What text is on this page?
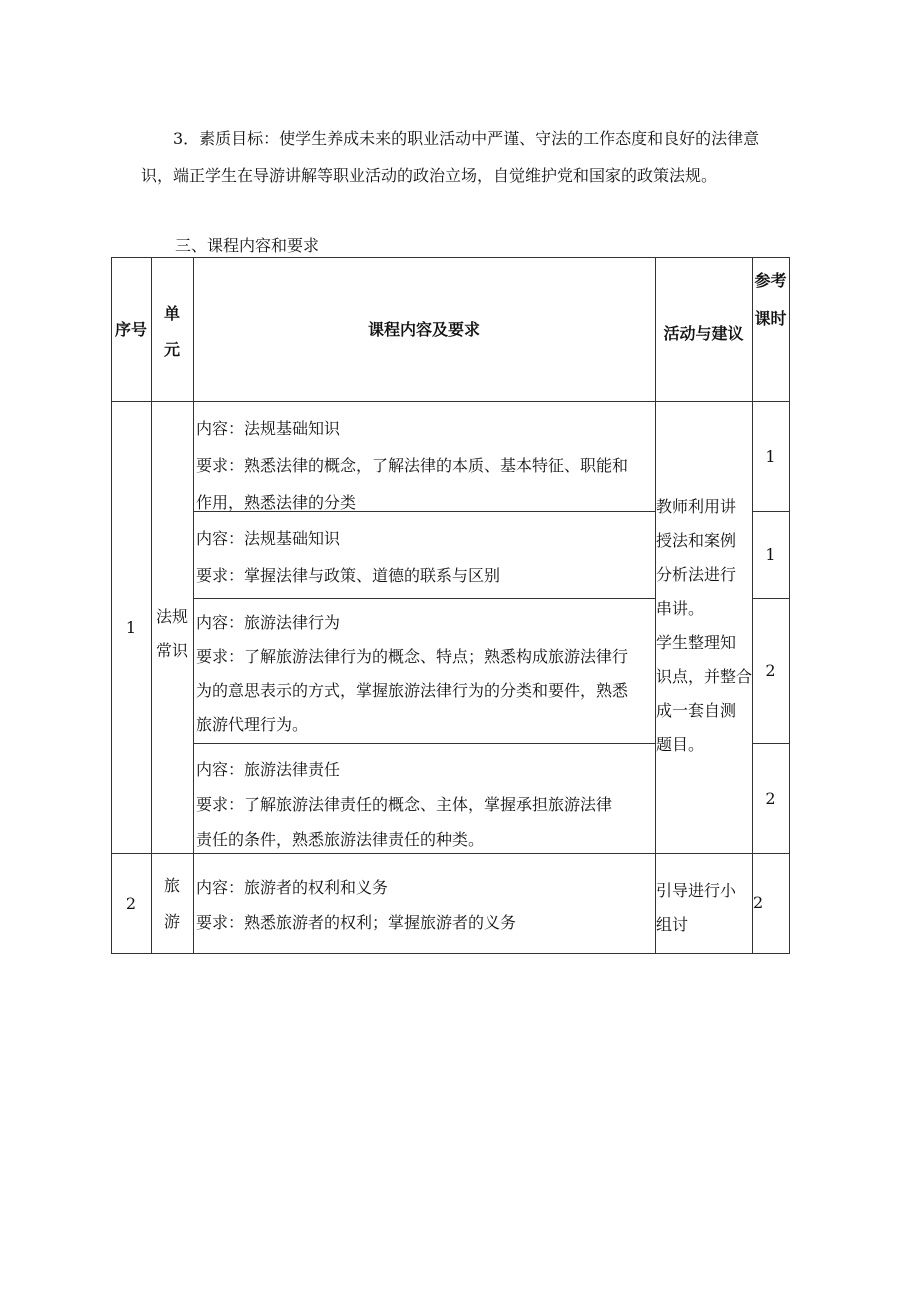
3．素质目标：使学生养成未来的职业活动中严谨、守法的工作态度和良好的法律意
识，端正学生在导游讲解等职业活动的政治立场，自觉维护党和国家的政策法规。
三、课程内容和要求
序号
单
元
课程内容及要求	活动与建议
参考
课时
1
法规
常识
内容：法规基础知识
要求：熟悉法律的概念，了解法律的本质、基本特征、职能和
作用，熟悉法律的分类
内容：法规基础知识
要求：掌握法律与政策、道德的联系与区别
内容：旅游法律行为
要求：了解旅游法律行为的概念、特点；熟悉构成旅游法律行
为的意思表示的方式，掌握旅游法律行为的分类和要件，熟悉
旅游代理行为。
内容：旅游法律责任
要求：了解旅游法律责任的概念、主体，掌握承担旅游法律
责任的条件，熟悉旅游法律责任的种类。
教师利用讲
授法和案例
分析法进行
串讲。
学生整理知
识点，并整合
成一套自测
题目。
1
1
2
2
2
旅
游
内容：旅游者的权利和义务
要求：熟悉旅游者的权利；掌握旅游者的义务
引导进行小
组讨
2
